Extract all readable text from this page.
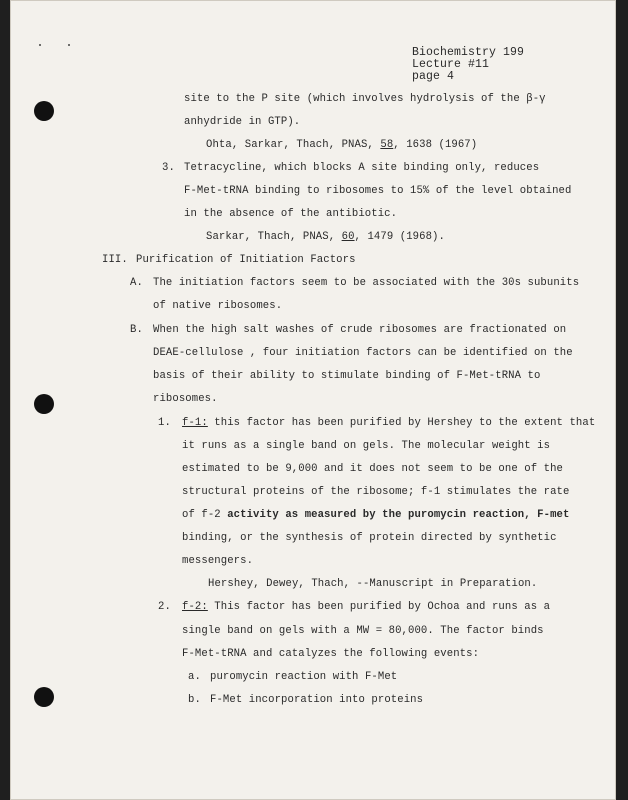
Biochemistry 199
Lecture #11
page 4
site to the P site (which involves hydrolysis of the β-γ
anhydride in GTP).
Ohta, Sarkar, Thach, PNAS, 58, 1638 (1967)
3. Tetracycline, which blocks A site binding only, reduces
F-Met-tRNA binding to ribosomes to 15% of the level obtained
in the absence of the antibiotic.
Sarkar, Thach, PNAS, 60, 1479 (1968).
III. Purification of Initiation Factors
A. The initiation factors seem to be associated with the 30s subunits
of native ribosomes.
B. When the high salt washes of crude ribosomes are fractionated on
DEAE-cellulose , four initiation factors can be identified on the
basis of their ability to stimulate binding of F-Met-tRNA to
ribosomes.
1. f-1: this factor has been purified by Hershey to the extent that
it runs as a single band on gels. The molecular weight is
estimated to be 9,000 and it does not seem to be one of the
structural proteins of the ribosome; f-1 stimulates the rate
of f-2 activity as measured by the puromycin reaction, F-met
binding, or the synthesis of protein directed by synthetic
messengers.
Hershey, Dewey, Thach, --Manuscript in Preparation.
2. f-2: This factor has been purified by Ochoa and runs as a
single band on gels with a MW = 80,000. The factor binds
F-Met-tRNA and catalyzes the following events:
a. puromycin reaction with F-Met
b. F-Met incorporation into proteins
